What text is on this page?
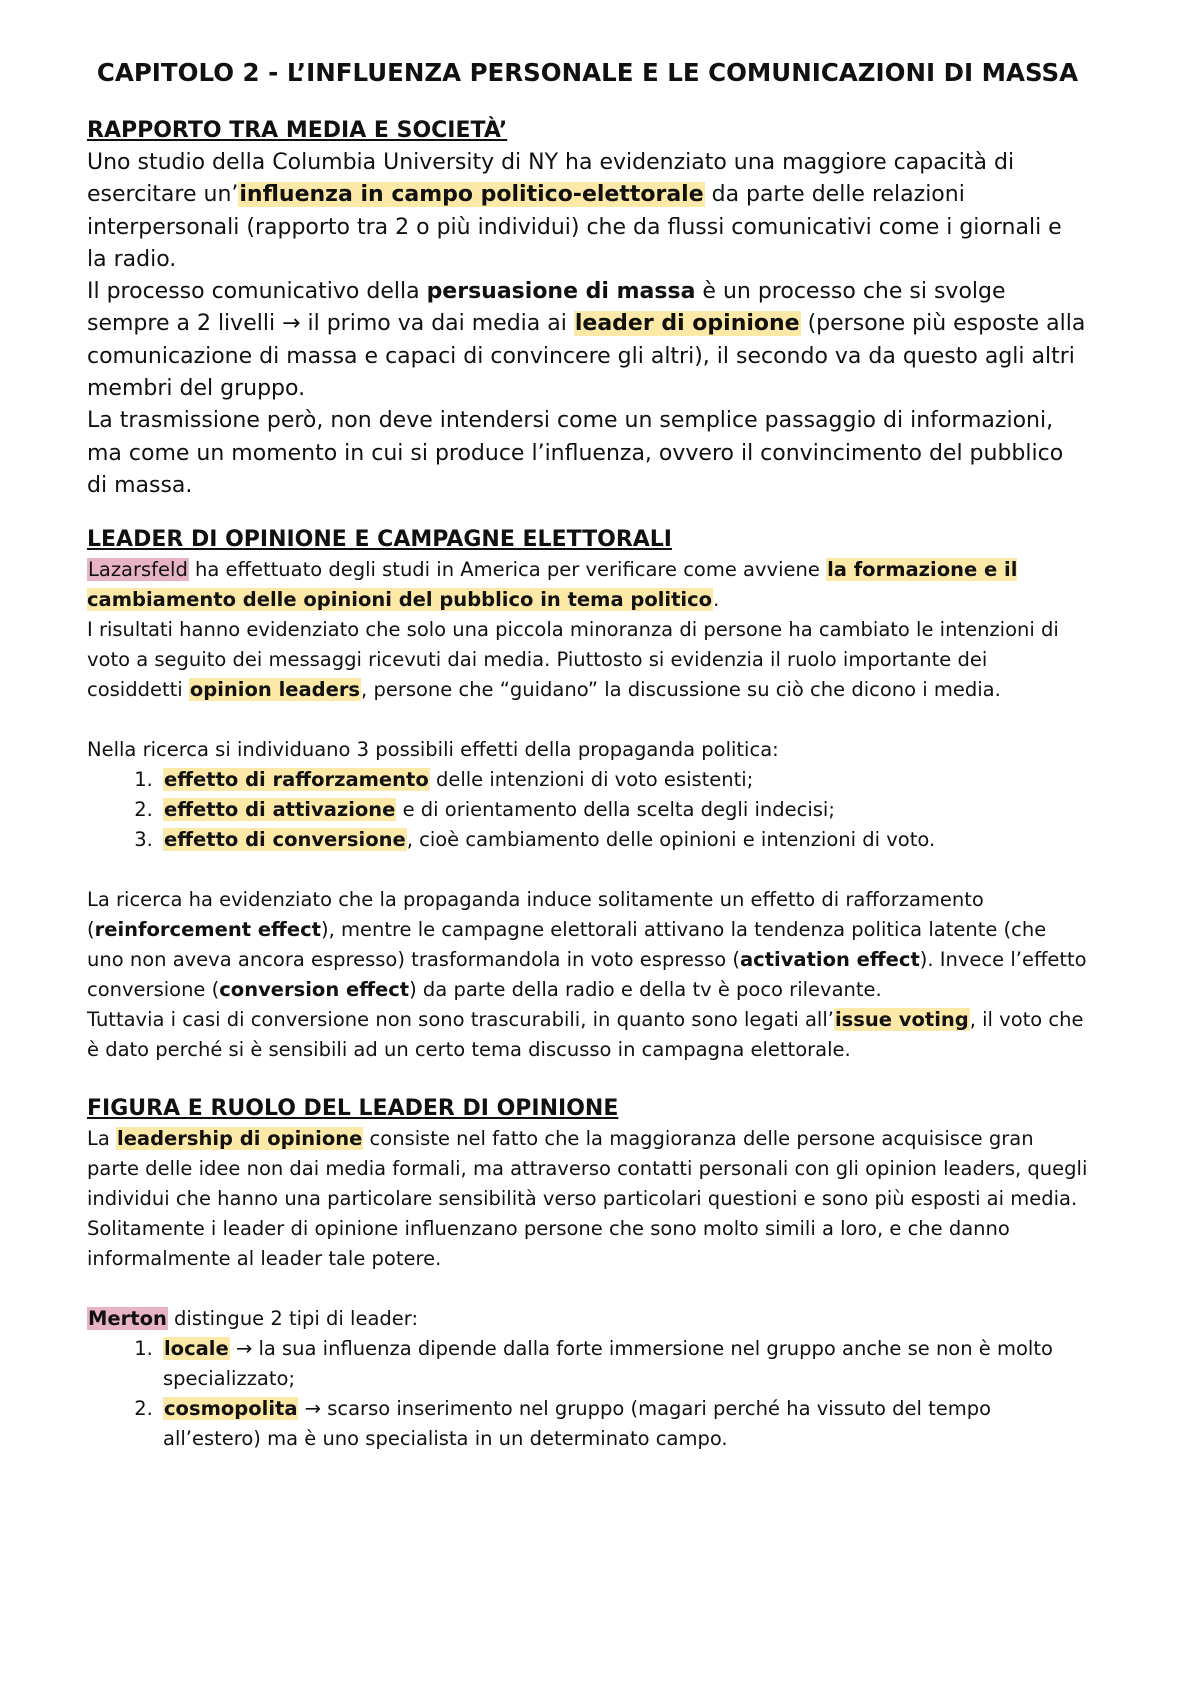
CAPITOLO 2 - L’INFLUENZA PERSONALE E LE COMUNICAZIONI DI MASSA
RAPPORTO TRA MEDIA E SOCIETÀ’

Uno studio della Columbia University di NY ha evidenziato una maggiore capacità di esercitare un’influenza in campo politico-elettorale da parte delle relazioni interpersonali (rapporto tra 2 o più individui) che da flussi comunicativi come i giornali e la radio.

Il processo comunicativo della persuasione di massa è un processo che si svolge sempre a 2 livelli → il primo va dai media ai leader di opinione (persone più esposte alla comunicazione di massa e capaci di convincere gli altri), il secondo va da questo agli altri membri del gruppo.

La trasmissione però, non deve intendersi come un semplice passaggio di informazioni, ma come un momento in cui si produce l’influenza, ovvero il convincimento del pubblico di massa.

LEADER DI OPINIONE E CAMPAGNE ELETTORALI

Lazarsfeld ha effettuato degli studi in America per verificare come avviene la formazione e il cambiamento delle opinioni del pubblico in tema politico.

I risultati hanno evidenziato che solo una piccola minoranza di persone ha cambiato le intenzioni di voto a seguito dei messaggi ricevuti dai media. Piuttosto si evidenzia il ruolo importante dei cosiddetti opinion leaders, persone che “guidano” la discussione su ciò che dicono i media.

Nella ricerca si individuano 3 possibili effetti della propaganda politica:

1. effetto di rafforzamento delle intenzioni di voto esistenti;
2. effetto di attivazione e di orientamento della scelta degli indecisi;
3. effetto di conversione, cioè cambiamento delle opinioni e intenzioni di voto.

La ricerca ha evidenziato che la propaganda induce solitamente un effetto di rafforzamento (reinforcement effect), mentre le campagne elettorali attivano la tendenza politica latente (che uno non aveva ancora espresso) trasformandola in voto espresso (activation effect). Invece l’effetto conversione (conversion effect) da parte della radio e della tv è poco rilevante.

Tuttavia i casi di conversione non sono trascurabili, in quanto sono legati all’issue voting, il voto che è dato perché si è sensibili ad un certo tema discusso in campagna elettorale.

FIGURA E RUOLO DEL LEADER DI OPINIONE

La leadership di opinione consiste nel fatto che la maggioranza delle persone acquisisce gran parte delle idee non dai media formali, ma attraverso contatti personali con gli opinion leaders, quegli individui che hanno una particolare sensibilità verso particolari questioni e sono più esposti ai media.

Solitamente i leader di opinione influenzano persone che sono molto simili a loro, e che danno informalmente al leader tale potere.

Merton distingue 2 tipi di leader:

1. locale → la sua influenza dipende dalla forte immersione nel gruppo anche se non è molto specializzato;
2. cosmopolita → scarso inserimento nel gruppo (magari perché ha vissuto del tempo all’estero) ma è uno specialista in un determinato campo.
